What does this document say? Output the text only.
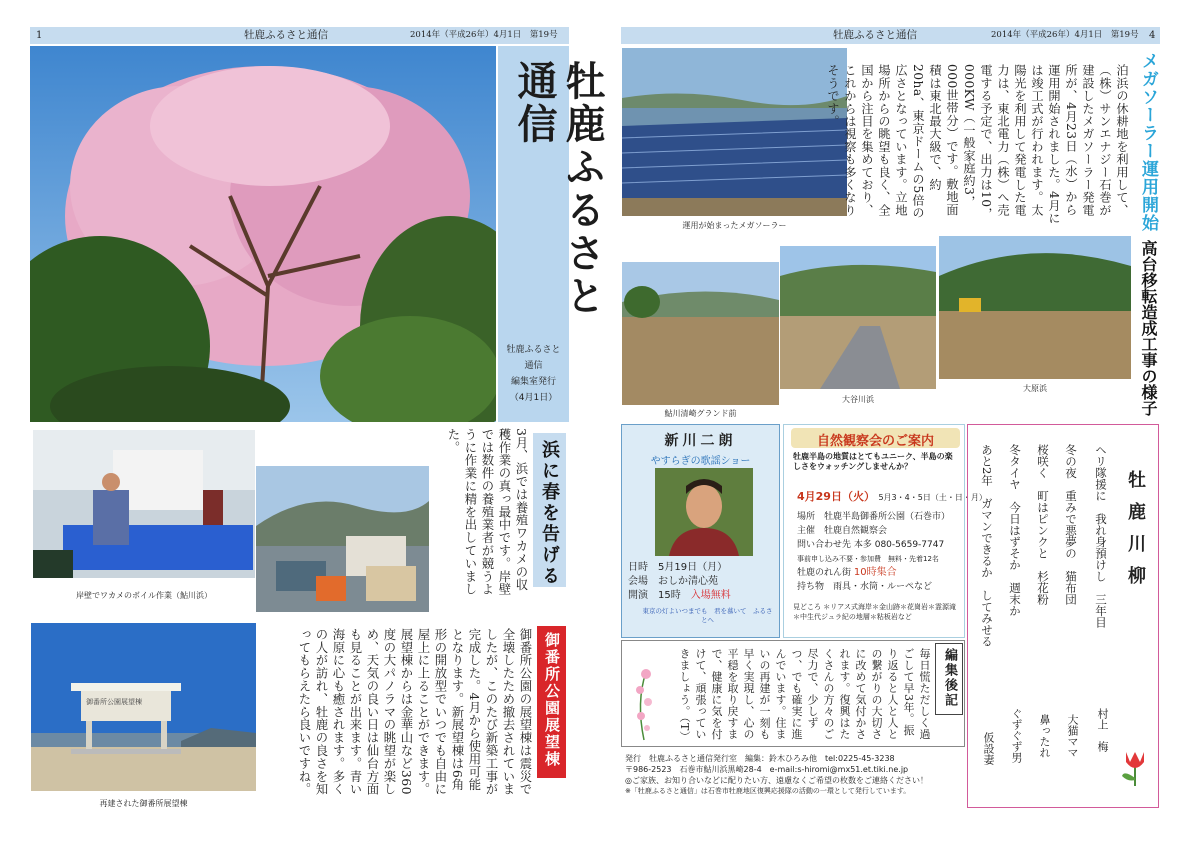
1	牡鹿ふるさと通信	2014年（平成26年）4月1日　第19号
牡鹿ふるさと通信
牡鹿ふるさと
通信
編集室発行
（4月1日）
岸壁でワカメのボイル作業（鮎川浜）
3月、浜では養殖ワカメの収穫作業の真っ最中です。岸壁では数件の養殖業者が競うように作業に精を出していました。	浜に春を告げる
御番所公園展望棟
再建された御番所展望棟
御番所公園の展望棟は震災で全壊したため撤去されていましたが、このたび新築工事が完成した。4月から使用可能となります。新展望棟は6角形の開放型でいつでも自由に屋上に上ることができます。展望棟からは金華山など360度の大パノラマの眺望が楽しめ、天気の良い日は仙台方面も見ることが出来ます。青い海原に心も癒されます。多くの人が訪れ、牡鹿の良さを知ってもらえたら良いですね。	御番所公園展望棟
牡鹿ふるさと通信	2014年（平成26年）4月1日　第19号 4
運用が始まったメガソーラー
泊浜の休耕地を利用して、（株）サンエナジー石巻が建設したメガソーラー発電所が、4月23日（水）から運用開始されました。4月には竣工式が行われます。太陽光を利用して発電した電力は、東北電力（株）へ売電する予定で、出力は10，000KW（一般家庭約3，000世帯分）です。敷地面積は東北最大級で、約20ha、東京ドームの5倍の広さとなっています。立地場所からの眺望も良く、全国から注目を集めており、これからは視察も多くなりそうです。	メガソーラー運用開始
鮎川清崎グランド前
大谷川浜
大原浜	高台移転造成工事の様子
新川二朗
やすらぎの歌謡ショー
日時　 5月19日（月）
会場　 おしか清心苑
開演　 15時　 入場無料
東京の灯よいつまでも　君を慕いて　ふるさとへ
自然観察会のご案内
牡鹿半島の地質はとてもユニーク、半島の楽しさをウォッチングしませんか？
4月29日（火） 5月3・4・5日（土・日・月）
場所　牡鹿半島御番所公園（石巻市）
主催　牡鹿自然観察会
問い合わせ先 本多 080-5659-7747
事前申し込み不要・参加費　無料・先着12名
牡鹿のれん街 10時集合
持ち物　雨具・水筒・ルーペなど
見どころ ＊リアス式海岸＊金山跡＊花崗岩＊霊源滝＊中生代ジュラ紀の地層＊粘板岩など
毎日慌ただしく過ごして早3年。振り返ると人と人との繋がりの大切さに改めて気付かされます。復興はたくさんの方々のご尽力で、少しずつ、でも確実に進んでいます。住まいの再建が一刻も早く実現し、心の平穏を取り戻すまで、健康に気を付けて、頑張っていきましょう。（T）	編集後記
発行　牡鹿ふるさと通信発行室　編集：鈴木ひろみ他　tel:0225-45-3238
〒986-2523　石巻市鮎川浜黒崎28-4　e-mail:s-hiromi@mx51.et.tiki.ne.jp
◎ご家族、お知り合いなどに配りたい方、遠慮なくご希望の枚数をご連絡ください！
※「牡鹿ふるさと通信」は石巻市牡鹿地区復興応援隊の活動の一環として発行しています。
牡鹿川柳
ヘリ隊援に　我れ身預けし　三年目
村上　梅
冬の夜　重みで悪夢の　猫布団
大猫ママ
桜咲く　町はピンクと　杉花粉
鼻ったれ
冬タイヤ　今日はずそか　週末か
ぐずぐず男
あと2年　ガマンできるか　してみせる
仮設妻
